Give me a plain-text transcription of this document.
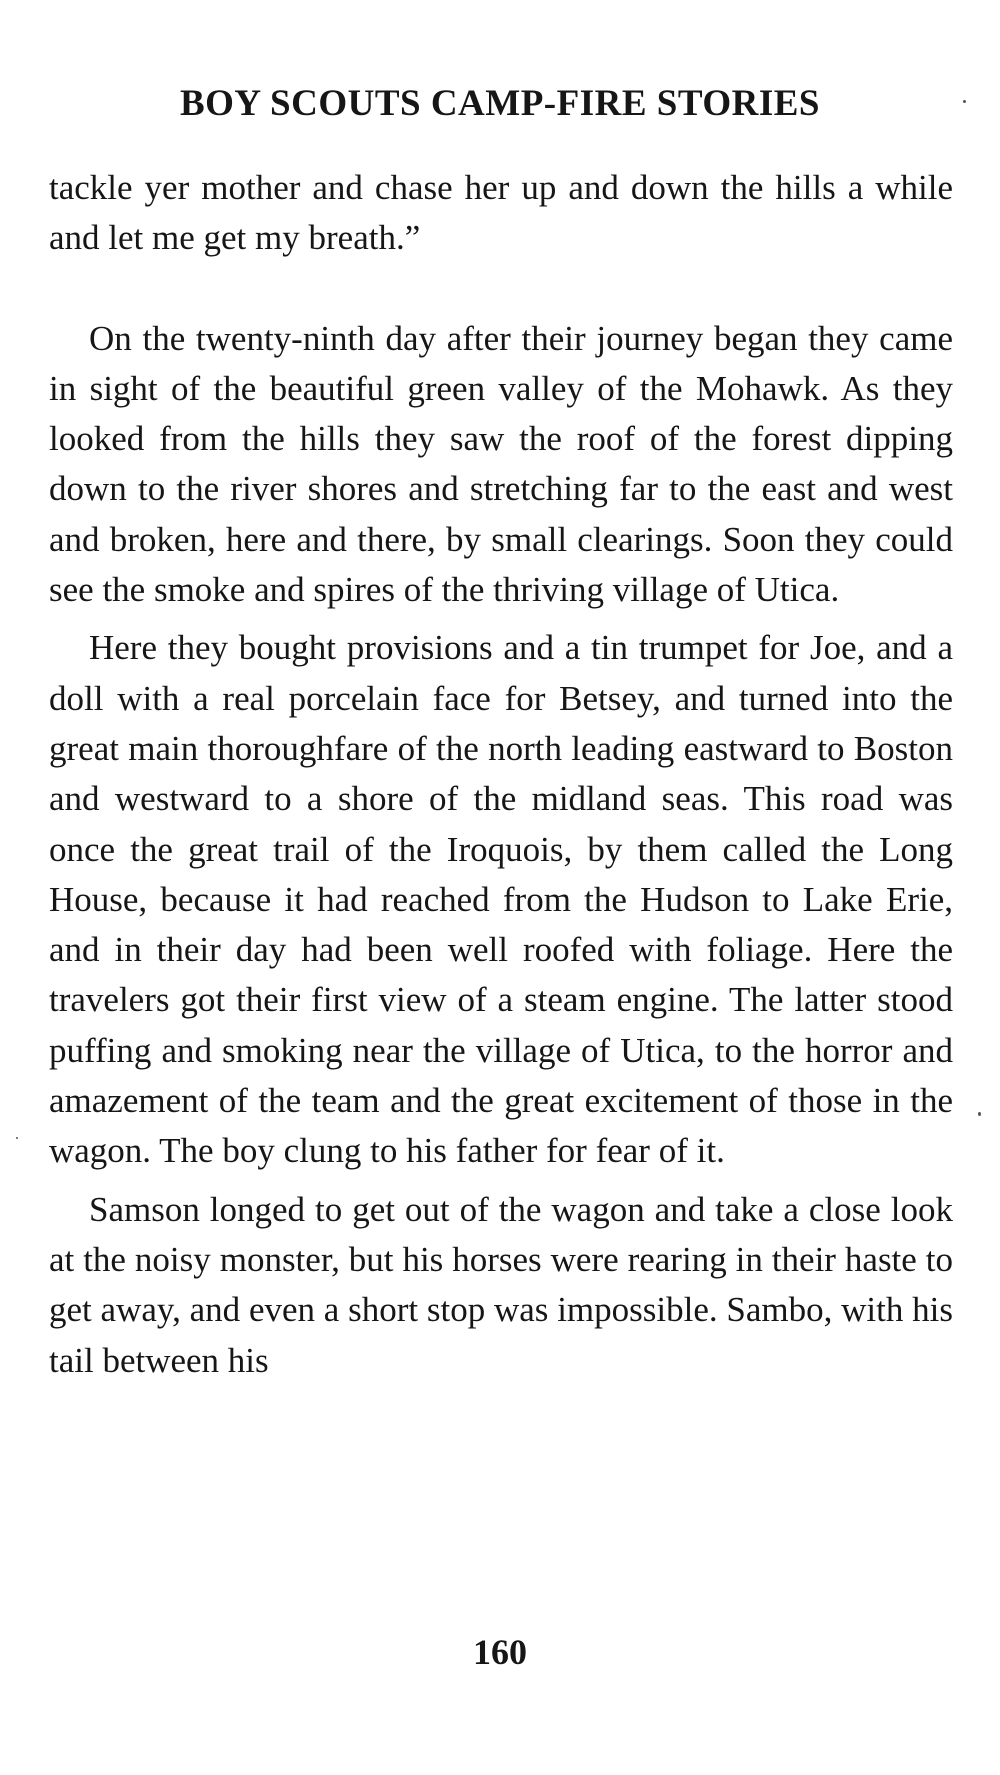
BOY SCOUTS CAMP-FIRE STORIES

tackle yer mother and chase her up and down the hills a while and let me get my breath.”

On the twenty-ninth day after their journey began they came in sight of the beautiful green valley of the Mohawk. As they looked from the hills they saw the roof of the forest dipping down to the river shores and stretching far to the east and west and broken, here and there, by small clearings. Soon they could see the smoke and spires of the thriving village of Utica.

Here they bought provisions and a tin trumpet for Joe, and a doll with a real porcelain face for Betsey, and turned into the great main thoroughfare of the north leading eastward to Boston and westward to a shore of the midland seas. This road was once the great trail of the Iroquois, by them called the Long House, because it had reached from the Hudson to Lake Erie, and in their day had been well roofed with foliage. Here the travelers got their first view of a steam engine. The latter stood puffing and smoking near the village of Utica, to the horror and amazement of the team and the great excitement of those in the wagon. The boy clung to his father for fear of it.

Samson longed to get out of the wagon and take a close look at the noisy monster, but his horses were rearing in their haste to get away, and even a short stop was impossible. Sambo, with his tail between his

160
